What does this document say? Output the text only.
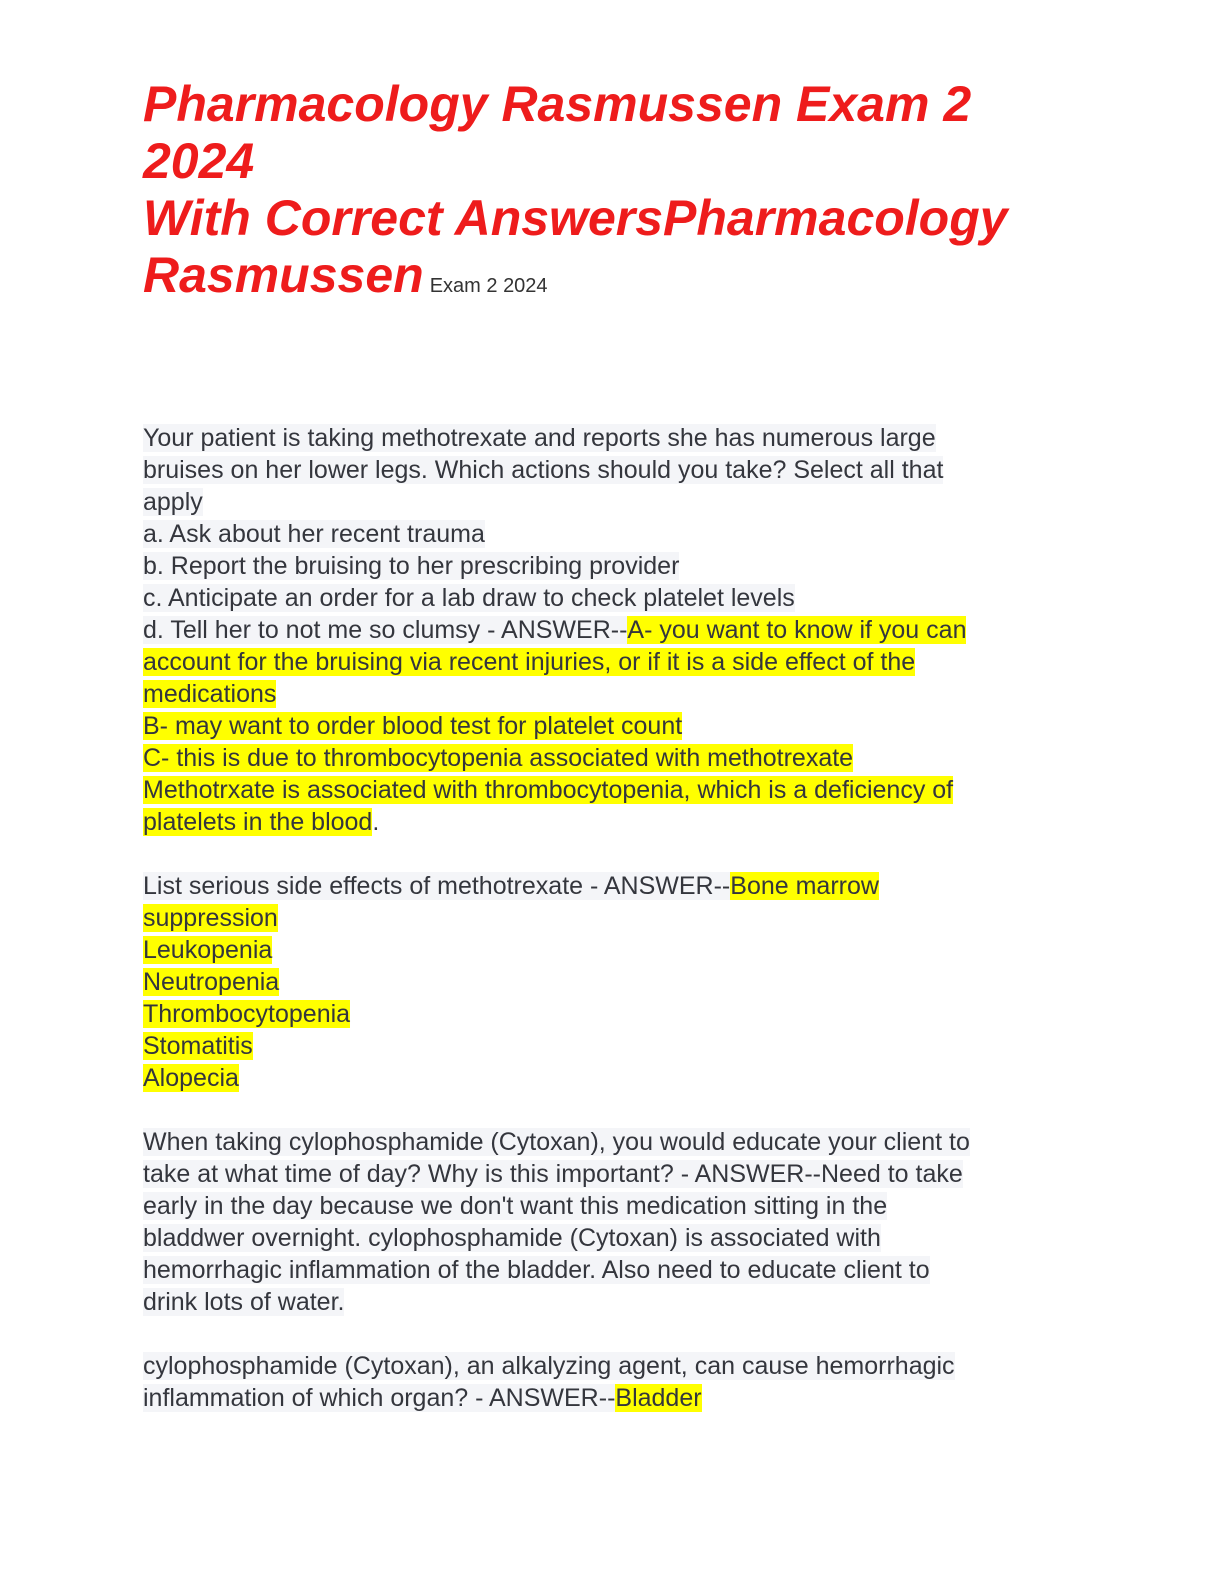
Pharmacology Rasmussen Exam 2
2024
With Correct AnswersPharmacology
Rasmussen Exam 2 2024
Your patient is taking methotrexate and reports she has numerous large
bruises on her lower legs. Which actions should you take? Select all that
apply
a. Ask about her recent trauma
b. Report the bruising to her prescribing provider
c. Anticipate an order for a lab draw to check platelet levels
d. Tell her to not me so clumsy - ANSWER--A- you want to know if you can
account for the bruising via recent injuries, or if it is a side effect of the
medications
B- may want to order blood test for platelet count
C- this is due to thrombocytopenia associated with methotrexate
Methotrxate is associated with thrombocytopenia, which is a deficiency of
platelets in the blood.
List serious side effects of methotrexate - ANSWER--Bone marrow
suppression
Leukopenia
Neutropenia
Thrombocytopenia
Stomatitis
Alopecia
When taking cylophosphamide (Cytoxan), you would educate your client to
take at what time of day? Why is this important? - ANSWER--Need to take
early in the day because we don't want this medication sitting in the
bladdwer overnight. cylophosphamide (Cytoxan) is associated with
hemorrhagic inflammation of the bladder. Also need to educate client to
drink lots of water.
cylophosphamide (Cytoxan), an alkalyzing agent, can cause hemorrhagic
inflammation of which organ? - ANSWER--Bladder
